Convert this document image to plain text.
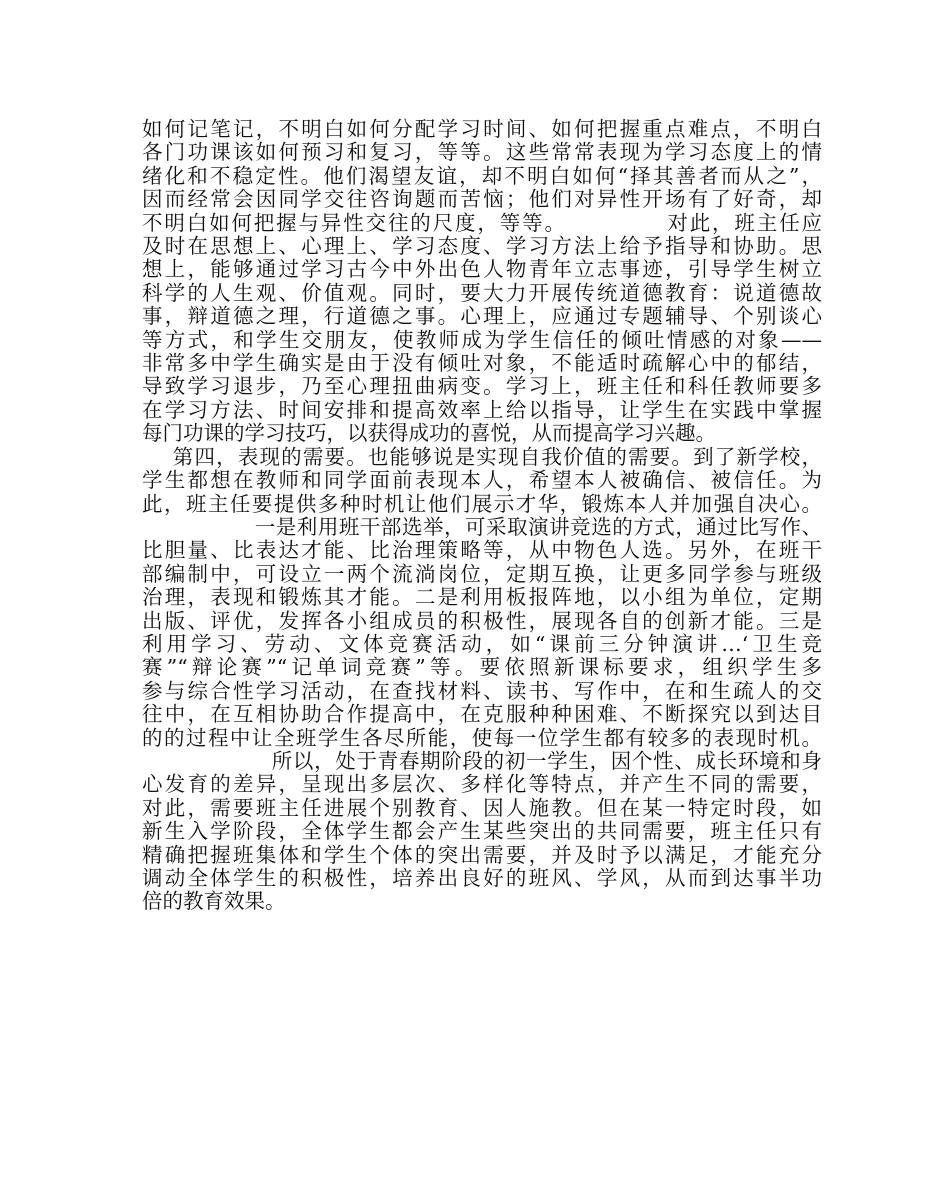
如何记笔记，不明白如何分配学习时间、如何把握重点难点，不明白
各门功课该如何预习和复习，等等。这些常常表现为学习态度上的情
绪化和不稳定性。他们渴望友谊，却不明白如何“择其善者而从之”，
因而经常会因同学交往咨询题而苦恼；他们对异性开场有了好奇，却
不明白如何把握与异性交往的尺度，等等。            对此，班主任应
及时在思想上、心理上、学习态度、学习方法上给予指导和协助。思
想上，能够通过学习古今中外出色人物青年立志事迹，引导学生树立
科学的人生观、价值观。同时，要大力开展传统道德教育：说道德故
事，辩道德之理，行道德之事。心理上，应通过专题辅导、个别谈心
等方式，和学生交朋友，使教师成为学生信任的倾吐情感的对象——
非常多中学生确实是由于没有倾吐对象，不能适时疏解心中的郁结，
导致学习退步，乃至心理扭曲病变。学习上，班主任和科任教师要多
在学习方法、时间安排和提高效率上给以指导，让学生在实践中掌握
每门功课的学习技巧，以获得成功的喜悦，从而提高学习兴趣。
第四，表现的需要。也能够说是实现自我价值的需要。到了新学校，
学生都想在教师和同学面前表现本人，希望本人被确信、被信任。为
此，班主任要提供多种时机让他们展示才华，锻炼本人并加强自决心。
一是利用班干部选举，可采取演讲竞选的方式，通过比写作、
比胆量、比表达才能、比治理策略等，从中物色人选。另外，在班干
部编制中，可设立一两个流淌岗位，定期互换，让更多同学参与班级
治理，表现和锻炼其才能。二是利用板报阵地，以小组为单位，定期
出版、评优，发挥各小组成员的积极性，展现各自的创新才能。三是
利用学习、劳动、文体竞赛活动，如“课前三分钟演讲…‘卫生竞
赛”“辩论赛”“记单词竞赛”等。要依照新课标要求，组织学生多
参与综合性学习活动，在查找材料、读书、写作中，在和生疏人的交
往中，在互相协助合作提高中，在克服种种困难、不断探究以到达目
的的过程中让全班学生各尽所能，使每一位学生都有较多的表现时机。
所以，处于青春期阶段的初一学生，因个性、成长环境和身
心发育的差异，呈现出多层次、多样化等特点，并产生不同的需要，
对此，需要班主任进展个别教育、因人施教。但在某一特定时段，如
新生入学阶段，全体学生都会产生某些突出的共同需要，班主任只有
精确把握班集体和学生个体的突出需要，并及时予以满足，才能充分
调动全体学生的积极性，培养出良好的班风、学风，从而到达事半功
倍的教育效果。
